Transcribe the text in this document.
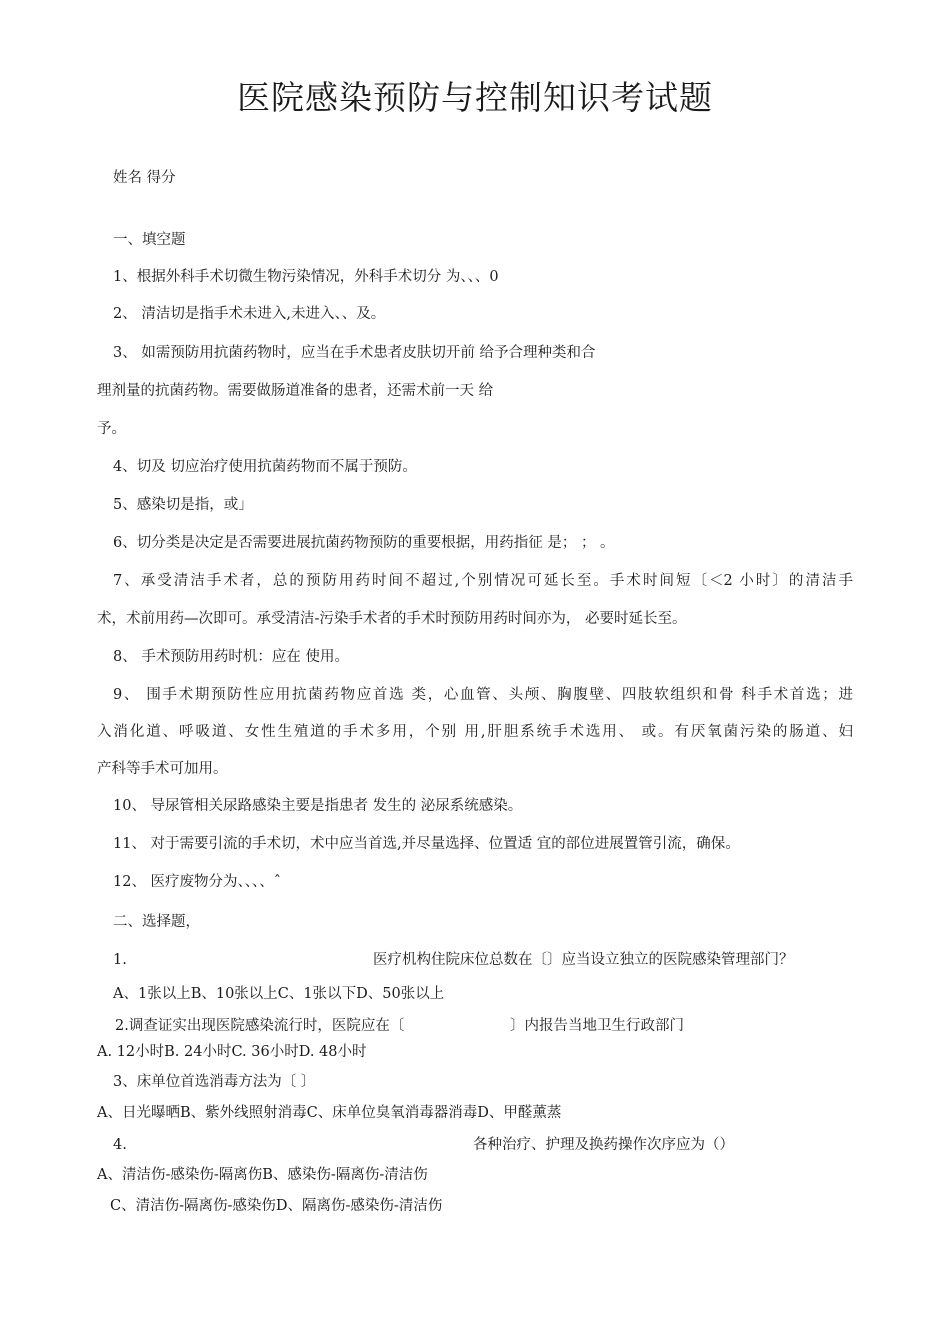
医院感染预防与控制知识考试题
姓名 得分
一、填空题
1、根据外科手术切微生物污染情况，外科手术切分 为、、、0
2、 清洁切是指手术未进入,未进入、、及。
3、 如需预防用抗菌药物时，应当在手术患者皮肤切开前 给予合理种类和合
理剂量的抗菌药物。需要做肠道准备的患者，还需术前一天 给
予。
4、切及 切应治疗使用抗菌药物而不属于预防。
5、感染切是指，或」
6、切分类是决定是否需要进展抗菌药物预防的重要根据，用药指征 是； ； 。
7、承受清洁手术者，总的预防用药时间不超过,个别情况可延长至。手术时间短〔＜2 小时〕的清洁手
术，术前用药—次即可。承受清洁-污染手术者的手术时预防用药时间亦为， 必要时延长至。
8、 手术预防用药时机：应在 使用。
9、 围手术期预防性应用抗菌药物应首选 类，心血管、头颅、胸腹壁、四肢软组织和骨 科手术首选；进
入消化道、呼吸道、女性生殖道的手术多用，个别 用,肝胆系统手术选用、 或。有厌氧菌污染的肠道、妇
产科等手术可加用。
10、 导尿管相关尿路感染主要是指患者 发生的 泌尿系统感染。
11、 对于需要引流的手术切，术中应当首选,并尽量选择、位置适 宜的部位进展置管引流，确保。
12、 医疗废物分为、、、、ˆ
二、选择题，
1.	医疗机构住院床位总数在〔〕应当设立独立的医院感染管理部门？
A、1张以上B、10张以上C、1张以下D、50张以上
2.调查证实出现医院感染流行时，医院应在〔	〕内报告当地卫生行政部门
A. 12小时B. 24小时C. 36小时D. 48小时
3、床单位首选消毒方法为〔 〕
A、日光曝晒B、紫外线照射消毒C、床单位臭氧消毒器消毒D、甲醛薰蒸
4.	各种治疗、护理及换药操作次序应为（）
A、清洁伤-感染伤-隔离伤B、感染伤-隔离伤-清洁伤
C、清洁伤-隔离伤-感染伤D、隔离伤-感染伤-清洁伤
